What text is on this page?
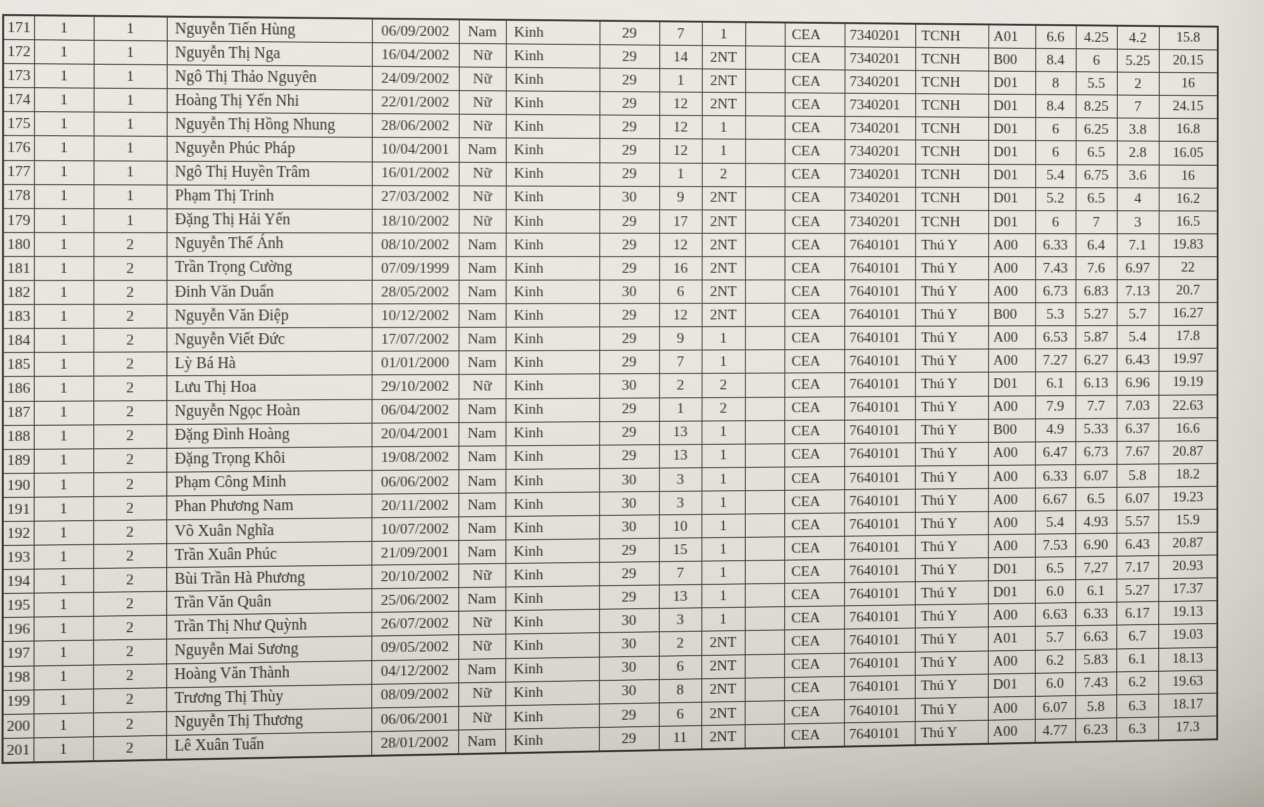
171	1	1	Nguyễn Tiến Hùng	06/09/2002	Nam	Kinh	29	7	1		CEA	7340201	TCNH	A01	6.6	4.25	4.2	15.8
172	1	1	Nguyễn Thị Nga	16/04/2002	Nữ	Kinh	29	14	2NT		CEA	7340201	TCNH	B00	8.4	6	5.25	20.15
173	1	1	Ngô Thị Thảo Nguyên	24/09/2002	Nữ	Kinh	29	1	2NT		CEA	7340201	TCNH	D01	8	5.5	2	16
174	1	1	Hoàng Thị Yến Nhi	22/01/2002	Nữ	Kinh	29	12	2NT		CEA	7340201	TCNH	D01	8.4	8.25	7	24.15
175	1	1	Nguyễn Thị Hồng Nhung	28/06/2002	Nữ	Kinh	29	12	1		CEA	7340201	TCNH	D01	6	6.25	3.8	16.8
176	1	1	Nguyễn Phúc Pháp	10/04/2001	Nam	Kinh	29	12	1		CEA	7340201	TCNH	D01	6	6.5	2.8	16.05
177	1	1	Ngô Thị Huyền Trâm	16/01/2002	Nữ	Kinh	29	1	2		CEA	7340201	TCNH	D01	5.4	6.75	3.6	16
178	1	1	Phạm Thị Trinh	27/03/2002	Nữ	Kinh	30	9	2NT		CEA	7340201	TCNH	D01	5.2	6.5	4	16.2
179	1	1	Đặng Thị Hải Yến	18/10/2002	Nữ	Kinh	29	17	2NT		CEA	7340201	TCNH	D01	6	7	3	16.5
180	1	2	Nguyễn Thế Ánh	08/10/2002	Nam	Kinh	29	12	2NT		CEA	7640101	Thú Y	A00	6.33	6.4	7.1	19.83
181	1	2	Trần Trọng Cường	07/09/1999	Nam	Kinh	29	16	2NT		CEA	7640101	Thú Y	A00	7.43	7.6	6.97	22
182	1	2	Đinh Văn Duẩn	28/05/2002	Nam	Kinh	30	6	2NT		CEA	7640101	Thú Y	A00	6.73	6.83	7.13	20.7
183	1	2	Nguyễn Văn Điệp	10/12/2002	Nam	Kinh	29	12	2NT		CEA	7640101	Thú Y	B00	5.3	5.27	5.7	16.27
184	1	2	Nguyễn Viết Đức	17/07/2002	Nam	Kinh	29	9	1		CEA	7640101	Thú Y	A00	6.53	5.87	5.4	17.8
185	1	2	Lỳ Bá Hà	01/01/2000	Nam	Kinh	29	7	1		CEA	7640101	Thú Y	A00	7.27	6.27	6.43	19.97
186	1	2	Lưu Thị Hoa	29/10/2002	Nữ	Kinh	30	2	2		CEA	7640101	Thú Y	D01	6.1	6.13	6.96	19.19
187	1	2	Nguyễn Ngọc Hoàn	06/04/2002	Nam	Kinh	29	1	2		CEA	7640101	Thú Y	A00	7.9	7.7	7.03	22.63
188	1	2	Đặng Đình Hoàng	20/04/2001	Nam	Kinh	29	13	1		CEA	7640101	Thú Y	B00	4.9	5.33	6.37	16.6
189	1	2	Đặng Trọng Khôi	19/08/2002	Nam	Kinh	29	13	1		CEA	7640101	Thú Y	A00	6.47	6.73	7.67	20.87
190	1	2	Phạm Công Minh	06/06/2002	Nam	Kinh	30	3	1		CEA	7640101	Thú Y	A00	6.33	6.07	5.8	18.2
191	1	2	Phan Phương Nam	20/11/2002	Nam	Kinh	30	3	1		CEA	7640101	Thú Y	A00	6.67	6.5	6.07	19.23
192	1	2	Võ Xuân Nghĩa	10/07/2002	Nam	Kinh	30	10	1		CEA	7640101	Thú Y	A00	5.4	4.93	5.57	15.9
193	1	2	Trần Xuân Phúc	21/09/2001	Nam	Kinh	29	15	1		CEA	7640101	Thú Y	A00	7.53	6.90	6.43	20.87
194	1	2	Bùi Trần Hà Phương	20/10/2002	Nữ	Kinh	29	7	1		CEA	7640101	Thú Y	D01	6.5	7,27	7.17	20.93
195	1	2	Trần Văn Quân	25/06/2002	Nam	Kinh	29	13	1		CEA	7640101	Thú Y	D01	6.0	6.1	5.27	17.37
196	1	2	Trần Thị Như Quỳnh	26/07/2002	Nữ	Kinh	30	3	1		CEA	7640101	Thú Y	A00	6.63	6.33	6.17	19.13
197	1	2	Nguyễn Mai Sương	09/05/2002	Nữ	Kinh	30	2	2NT		CEA	7640101	Thú Y	A01	5.7	6.63	6.7	19.03
198	1	2	Hoàng Văn Thành	04/12/2002	Nam	Kinh	30	6	2NT		CEA	7640101	Thú Y	A00	6.2	5.83	6.1	18.13
199	1	2	Trương Thị Thùy	08/09/2002	Nữ	Kinh	30	8	2NT		CEA	7640101	Thú Y	D01	6.0	7.43	6.2	19.63
200	1	2	Nguyễn Thị Thương	06/06/2001	Nữ	Kinh	29	6	2NT		CEA	7640101	Thú Y	A00	6.07	5.8	6.3	18.17
201	1	2	Lê Xuân Tuấn	28/01/2002	Nam	Kinh	29	11	2NT		CEA	7640101	Thú Y	A00	4.77	6.23	6.3	17.3
